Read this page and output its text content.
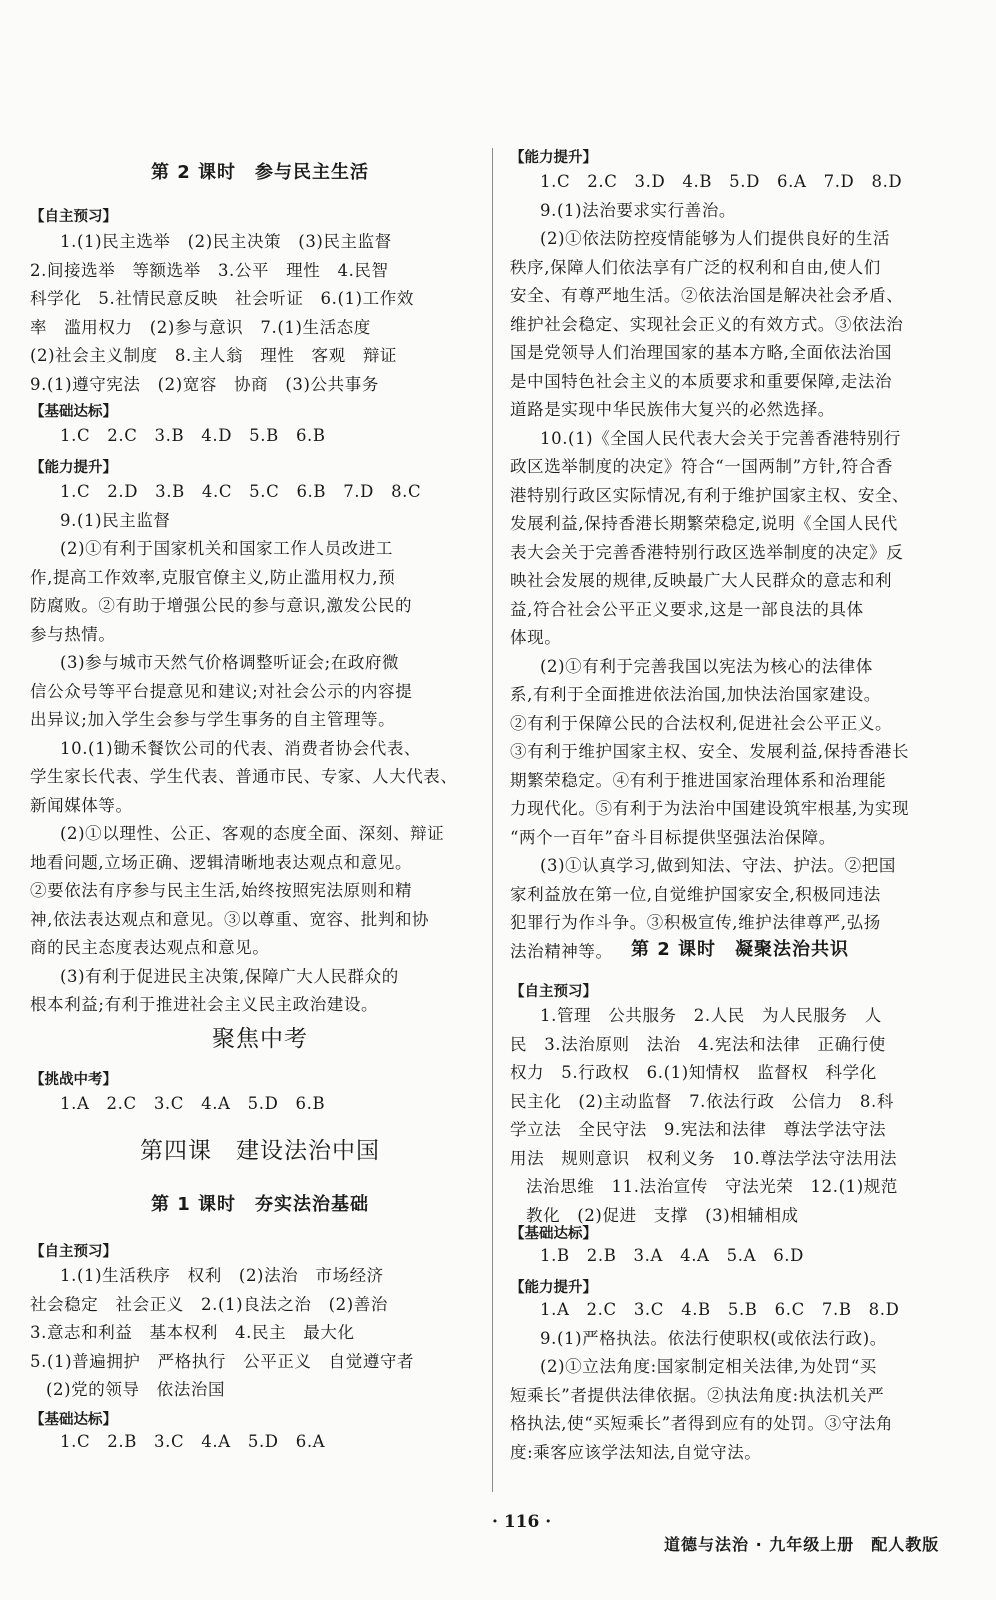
第 2 课时　参与民主生活
【自主预习】
1.(1)民主选举　(2)民主决策　(3)民主监督
2.间接选举　等额选举　3.公平　理性　4.民智
科学化　5.社情民意反映　社会听证　6.(1)工作效
率　滥用权力　(2)参与意识　7.(1)生活态度
(2)社会主义制度　8.主人翁　理性　客观　辩证
9.(1)遵守宪法　(2)宽容　协商　(3)公共事务
【基础达标】
1.C　2.C　3.B　4.D　5.B　6.B
【能力提升】
1.C　2.D　3.B　4.C　5.C　6.B　7.D　8.C
9.(1)民主监督
(2)①有利于国家机关和国家工作人员改进工
作,提高工作效率,克服官僚主义,防止滥用权力,预
防腐败。②有助于增强公民的参与意识,激发公民的
参与热情。
(3)参与城市天然气价格调整听证会;在政府微
信公众号等平台提意见和建议;对社会公示的内容提
出异议;加入学生会参与学生事务的自主管理等。
10.(1)锄禾餐饮公司的代表、消费者协会代表、
学生家长代表、学生代表、普通市民、专家、人大代表、
新闻媒体等。
(2)①以理性、公正、客观的态度全面、深刻、辩证
地看问题,立场正确、逻辑清晰地表达观点和意见。
②要依法有序参与民主生活,始终按照宪法原则和精
神,依法表达观点和意见。③以尊重、宽容、批判和协
商的民主态度表达观点和意见。
(3)有利于促进民主决策,保障广大人民群众的
根本利益;有利于推进社会主义民主政治建设。
聚焦中考
【挑战中考】
1.A　2.C　3.C　4.A　5.D　6.B
第四课　建设法治中国
第 1 课时　夯实法治基础
【自主预习】
1.(1)生活秩序　权利　(2)法治　市场经济
社会稳定　社会正义　2.(1)良法之治　(2)善治
3.意志和利益　基本权利　4.民主　最大化
5.(1)普遍拥护　严格执行　公平正义　自觉遵守者
(2)党的领导　依法治国
【基础达标】
1.C　2.B　3.C　4.A　5.D　6.A
【能力提升】
1.C　2.C　3.D　4.B　5.D　6.A　7.D　8.D
9.(1)法治要求实行善治。
(2)①依法防控疫情能够为人们提供良好的生活
秩序,保障人们依法享有广泛的权利和自由,使人们
安全、有尊严地生活。②依法治国是解决社会矛盾、
维护社会稳定、实现社会正义的有效方式。③依法治
国是党领导人们治理国家的基本方略,全面依法治国
是中国特色社会主义的本质要求和重要保障,走法治
道路是实现中华民族伟大复兴的必然选择。
10.(1)《全国人民代表大会关于完善香港特别行
政区选举制度的决定》符合“一国两制”方针,符合香
港特别行政区实际情况,有利于维护国家主权、安全、
发展利益,保持香港长期繁荣稳定,说明《全国人民代
表大会关于完善香港特别行政区选举制度的决定》反
映社会发展的规律,反映最广大人民群众的意志和利
益,符合社会公平正义要求,这是一部良法的具体
体现。
(2)①有利于完善我国以宪法为核心的法律体
系,有利于全面推进依法治国,加快法治国家建设。
②有利于保障公民的合法权利,促进社会公平正义。
③有利于维护国家主权、安全、发展利益,保持香港长
期繁荣稳定。④有利于推进国家治理体系和治理能
力现代化。⑤有利于为法治中国建设筑牢根基,为实现
“两个一百年”奋斗目标提供坚强法治保障。
(3)①认真学习,做到知法、守法、护法。②把国
家利益放在第一位,自觉维护国家安全,积极同违法
犯罪行为作斗争。③积极宣传,维护法律尊严,弘扬
法治精神等。	第 2 课时　凝聚法治共识
【自主预习】
1.管理　公共服务　2.人民　为人民服务　人
民　3.法治原则　法治　4.宪法和法律　正确行使
权力　5.行政权　6.(1)知情权　监督权　科学化
民主化　(2)主动监督　7.依法行政　公信力　8.科
学立法　全民守法　9.宪法和法律　尊法学法守法
用法　规则意识　权利义务　10.尊法学法守法用法
法治思维　11.法治宣传　守法光荣　12.(1)规范
教化　(2)促进　支撑　(3)相辅相成
【基础达标】
1.B　2.B　3.A　4.A　5.A　6.D
【能力提升】
1.A　2.C　3.C　4.B　5.B　6.C　7.B　8.D
9.(1)严格执法。依法行使职权(或依法行政)。
(2)①立法角度:国家制定相关法律,为处罚“买
短乘长”者提供法律依据。②执法角度:执法机关严
格执法,使“买短乘长”者得到应有的处罚。③守法角
度:乘客应该学法知法,自觉守法。
· 116 ·
道德与法治 · 九年级上册　配人教版
